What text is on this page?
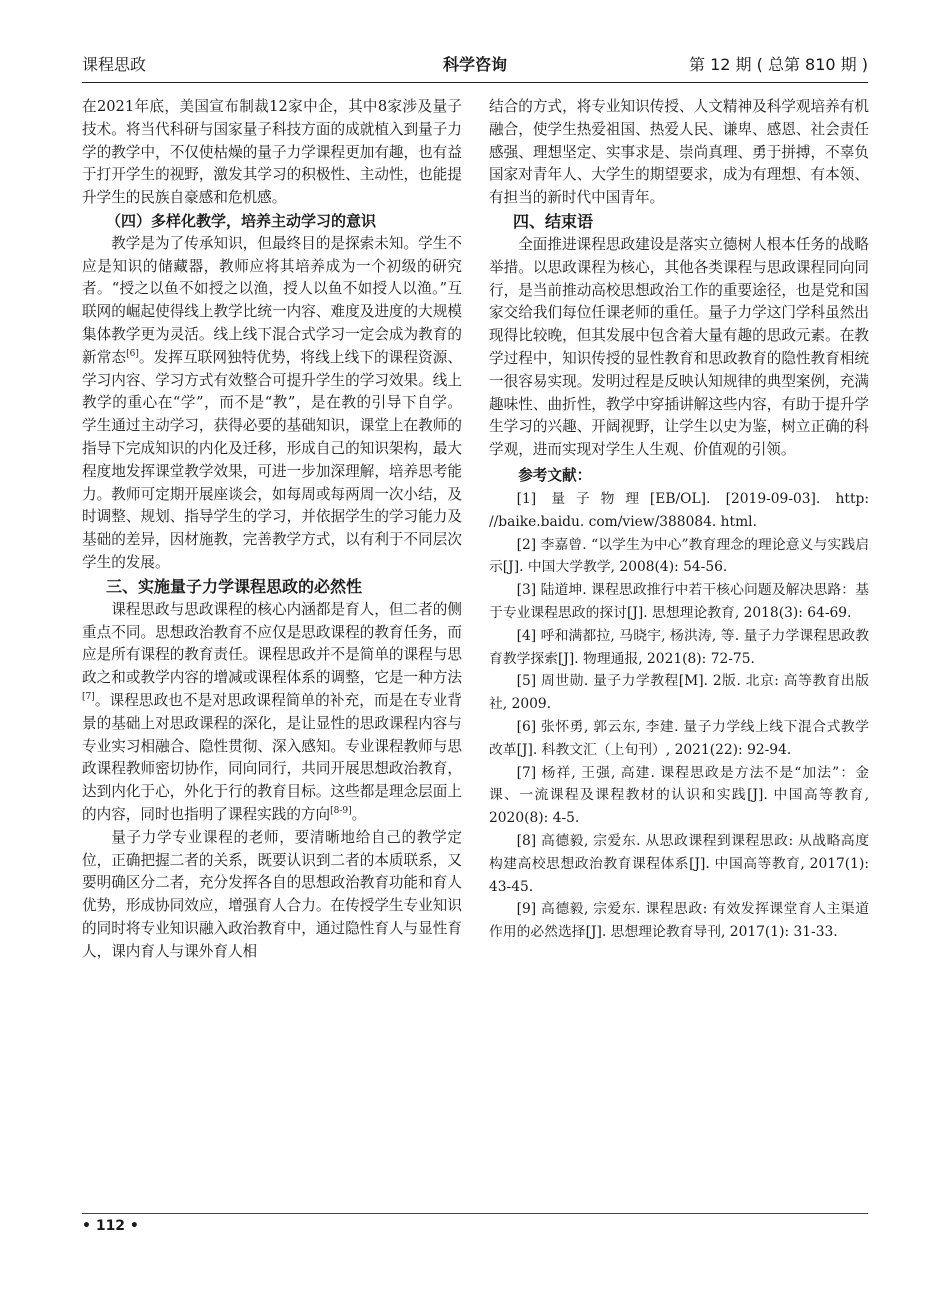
课程思政	科学咨询	第 12 期 ( 总第 810 期 )

在2021年底，美国宣布制裁12家中企，其中8家涉及量子技术。将当代科研与国家量子科技方面的成就植入到量子力学的教学中，不仅使枯燥的量子力学课程更加有趣，也有益于打开学生的视野，激发其学习的积极性、主动性，也能提升学生的民族自豪感和危机感。

（四）多样化教学，培养主动学习的意识

教学是为了传承知识，但最终目的是探索未知。学生不应是知识的储藏器，教师应将其培养成为一个初级的研究者。“授之以鱼不如授之以渔，授人以鱼不如授人以渔。”互联网的崛起使得线上教学比统一内容、难度及进度的大规模集体教学更为灵活。线上线下混合式学习一定会成为教育的新常态[6]。发挥互联网独特优势，将线上线下的课程资源、学习内容、学习方式有效整合可提升学生的学习效果。线上教学的重心在“学”，而不是“教”，是在教的引导下自学。学生通过主动学习，获得必要的基础知识，课堂上在教师的指导下完成知识的内化及迁移，形成自己的知识架构，最大程度地发挥课堂教学效果，可进一步加深理解，培养思考能力。教师可定期开展座谈会，如每周或每两周一次小结，及时调整、规划、指导学生的学习，并依据学生的学习能力及基础的差异，因材施教，完善教学方式，以有利于不同层次学生的发展。

三、实施量子力学课程思政的必然性

课程思政与思政课程的核心内涵都是育人，但二者的侧重点不同。思想政治教育不应仅是思政课程的教育任务，而应是所有课程的教育责任。课程思政并不是简单的课程与思政之和或教学内容的增减或课程体系的调整，它是一种方法[7]。课程思政也不是对思政课程简单的补充，而是在专业背景的基础上对思政课程的深化，是让显性的思政课程内容与专业实习相融合、隐性贯彻、深入感知。专业课程教师与思政课程教师密切协作，同向同行，共同开展思想政治教育，达到内化于心，外化于行的教育目标。这些都是理念层面上的内容，同时也指明了课程实践的方向[8-9]。

量子力学专业课程的老师，要清晰地给自己的教学定位，正确把握二者的关系，既要认识到二者的本质联系，又要明确区分二者，充分发挥各自的思想政治教育功能和育人优势，形成协同效应，增强育人合力。在传授学生专业知识的同时将专业知识融入政治教育中，通过隐性育人与显性育人，课内育人与课外育人相

结合的方式，将专业知识传授、人文精神及科学观培养有机融合，使学生热爱祖国、热爱人民、谦卑、感恩、社会责任感强、理想坚定、实事求是、崇尚真理、勇于拼搏，不辜负国家对青年人、大学生的期望要求，成为有理想、有本领、有担当的新时代中国青年。

四、结束语

全面推进课程思政建设是落实立德树人根本任务的战略举措。以思政课程为核心，其他各类课程与思政课程同向同行，是当前推动高校思想政治工作的重要途径，也是党和国家交给我们每位任课老师的重任。量子力学这门学科虽然出现得比较晚，但其发展中包含着大量有趣的思政元素。在教学过程中，知识传授的显性教育和思政教育的隐性教育相统一很容易实现。发明过程是反映认知规律的典型案例，充满趣味性、曲折性，教学中穿插讲解这些内容，有助于提升学生学习的兴趣、开阔视野，让学生以史为鉴，树立正确的科学观，进而实现对学生人生观、价值观的引领。

参考文献：

[1] 量子物理[EB/OL]. [2019-09-03]. http: //baike.baidu. com/view/388084. html.

[2] 李嘉曾. “以学生为中心”教育理念的理论意义与实践启示[J]. 中国大学教学, 2008(4): 54-56.

[3] 陆道坤. 课程思政推行中若干核心问题及解决思路：基于专业课程思政的探讨[J]. 思想理论教育, 2018(3): 64-69.

[4] 呼和满都拉, 马晓宇, 杨洪涛, 等. 量子力学课程思政教育教学探索[J]. 物理通报, 2021(8): 72-75.

[5] 周世勋. 量子力学教程[M]. 2版. 北京: 高等教育出版社, 2009.

[6] 张怀勇, 郭云东, 李建. 量子力学线上线下混合式教学改革[J]. 科教文汇（上旬刊）, 2021(22): 92-94.

[7] 杨祥, 王强, 高建. 课程思政是方法不是“加法”：金课、一流课程及课程教材的认识和实践[J]. 中国高等教育, 2020(8): 4-5.

[8] 高德毅, 宗爱东. 从思政课程到课程思政: 从战略高度构建高校思想政治教育课程体系[J]. 中国高等教育, 2017(1): 43-45.

[9] 高德毅, 宗爱东. 课程思政: 有效发挥课堂育人主渠道作用的必然选择[J]. 思想理论教育导刊, 2017(1): 31-33.

• 112 •
